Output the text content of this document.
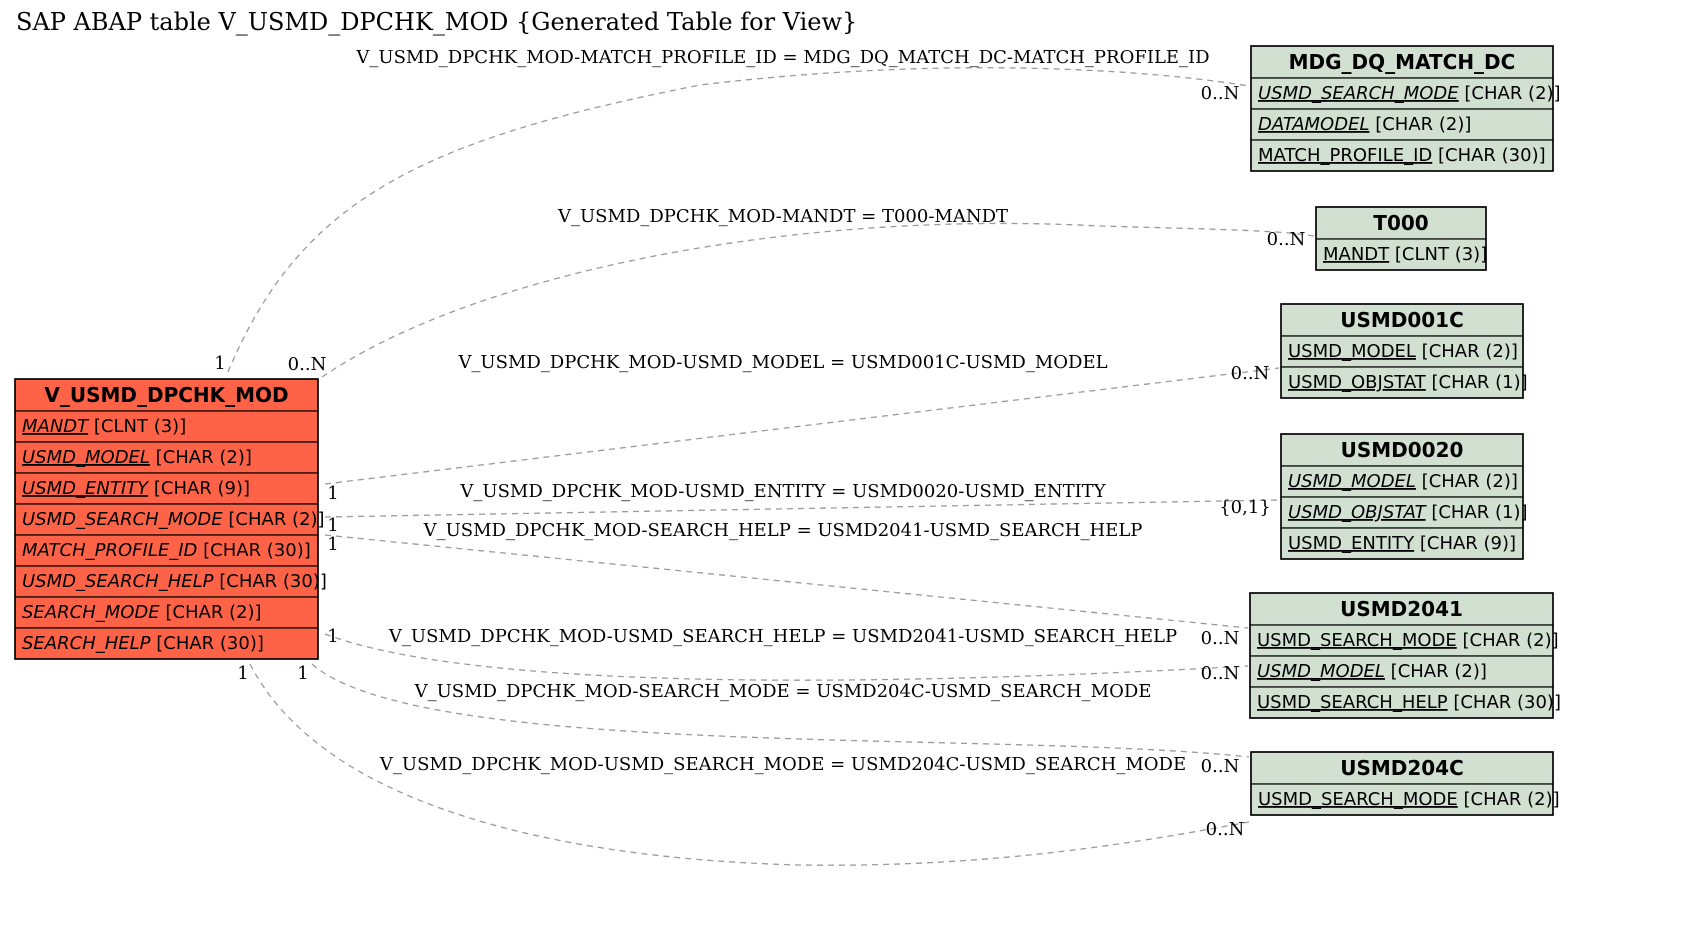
SAP ABAP table V_USMD_DPCHK_MOD {Generated Table for View}
V_USMD_DPCHK_MOD-MATCH_PROFILE_ID = MDG_DQ_MATCH_DC-MATCH_PROFILE_ID
1
0..N
V_USMD_DPCHK_MOD-MANDT = T000-MANDT
0..N
0..N
V_USMD_DPCHK_MOD-USMD_MODEL = USMD001C-USMD_MODEL
1
0..N
V_USMD_DPCHK_MOD-USMD_ENTITY = USMD0020-USMD_ENTITY
1
{0,1}
V_USMD_DPCHK_MOD-SEARCH_HELP = USMD2041-USMD_SEARCH_HELP
1
0..N
V_USMD_DPCHK_MOD-USMD_SEARCH_HELP = USMD2041-USMD_SEARCH_HELP
1
0..N
V_USMD_DPCHK_MOD-SEARCH_MODE = USMD204C-USMD_SEARCH_MODE
1
0..N
V_USMD_DPCHK_MOD-USMD_SEARCH_MODE = USMD204C-USMD_SEARCH_MODE
1
0..N
V_USMD_DPCHK_MOD
MANDT [CLNT (3)]
USMD_MODEL [CHAR (2)]
USMD_ENTITY [CHAR (9)]
USMD_SEARCH_MODE [CHAR (2)]
MATCH_PROFILE_ID [CHAR (30)]
USMD_SEARCH_HELP [CHAR (30)]
SEARCH_MODE [CHAR (2)]
SEARCH_HELP [CHAR (30)]
MDG_DQ_MATCH_DC
USMD_SEARCH_MODE [CHAR (2)]
DATAMODEL [CHAR (2)]
MATCH_PROFILE_ID [CHAR (30)]
T000
MANDT [CLNT (3)]
USMD001C
USMD_MODEL [CHAR (2)]
USMD_OBJSTAT [CHAR (1)]
USMD0020
USMD_MODEL [CHAR (2)]
USMD_OBJSTAT [CHAR (1)]
USMD_ENTITY [CHAR (9)]
USMD2041
USMD_SEARCH_MODE [CHAR (2)]
USMD_MODEL [CHAR (2)]
USMD_SEARCH_HELP [CHAR (30)]
USMD204C
USMD_SEARCH_MODE [CHAR (2)]
